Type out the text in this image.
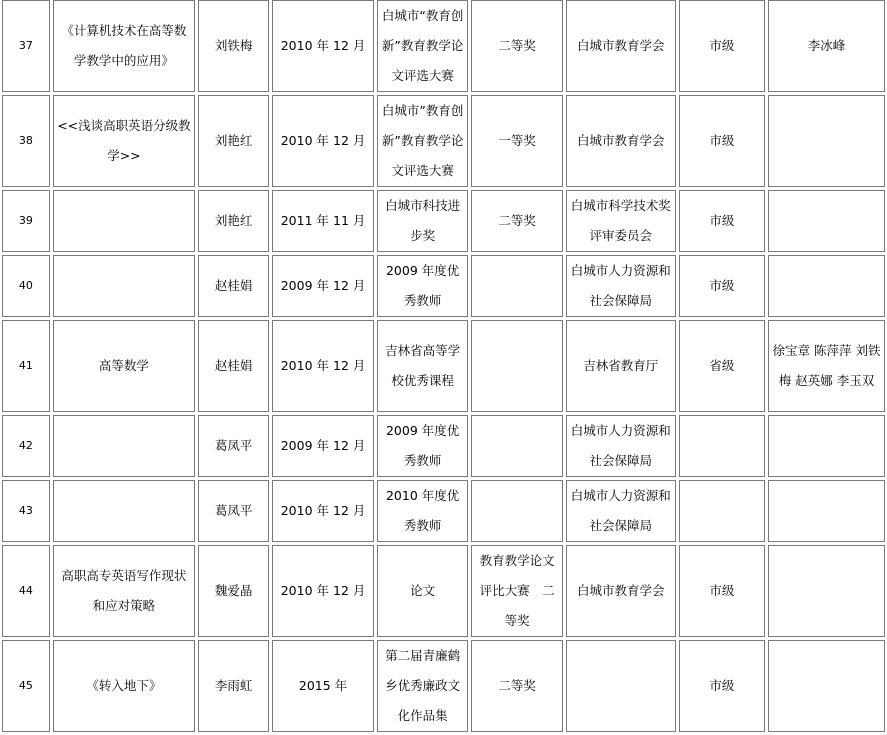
37	《计算机技术在高等数学教学中的应用》	刘铁梅	2010 年 12 月	白城市“教育创新”教育教学论文评选大赛	二等奖	白城市教育学会	市级	李冰峰
38	<<浅谈高职英语分级教学>>	刘艳红	2010 年 12 月	白城市”教育创新”教育教学论文评选大赛	一等奖	白城市教育学会	市级	
39		刘艳红	2011 年 11 月	白城市科技进步奖	二等奖	白城市科学技术奖评审委员会	市级	
40		赵桂娟	2009 年 12 月	2009 年度优秀教师		白城市人力资源和社会保障局	市级	
41	高等数学	赵桂娟	2010 年 12 月	吉林省高等学校优秀课程		吉林省教育厅	省级	徐宝章 陈萍萍 刘铁梅 赵英娜 李玉双
42		葛凤平	2009 年 12 月	2009 年度优秀教师		白城市人力资源和社会保障局		
43		葛凤平	2010 年 12 月	2010 年度优秀教师		白城市人力资源和社会保障局		
44	高职高专英语写作现状和应对策略	魏爱晶	2010 年 12 月	论文	教育教学论文评比大赛　二等奖	白城市教育学会	市级	
45	《转入地下》	李雨虹	2015 年	第二届青廉鹤乡优秀廉政文化作品集	二等奖		市级	
